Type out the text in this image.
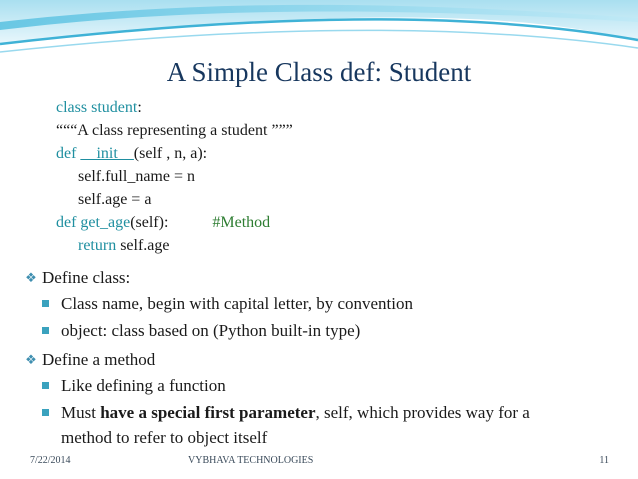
A Simple Class def: Student
class student:
“““A class representing a student ”””
def __init__(self , n, a):
self.full_name = n
self.age = a
def get_age(self):	#Method
return self.age
❖ Define class:
Class name, begin with capital letter, by convention
object: class based on (Python built-in type)
❖ Define a method
Like defining a function
Must have a special first parameter, self, which provides way for a method to refer to object itself
7/22/2014	VYBHAVA TECHNOLOGIES	11
